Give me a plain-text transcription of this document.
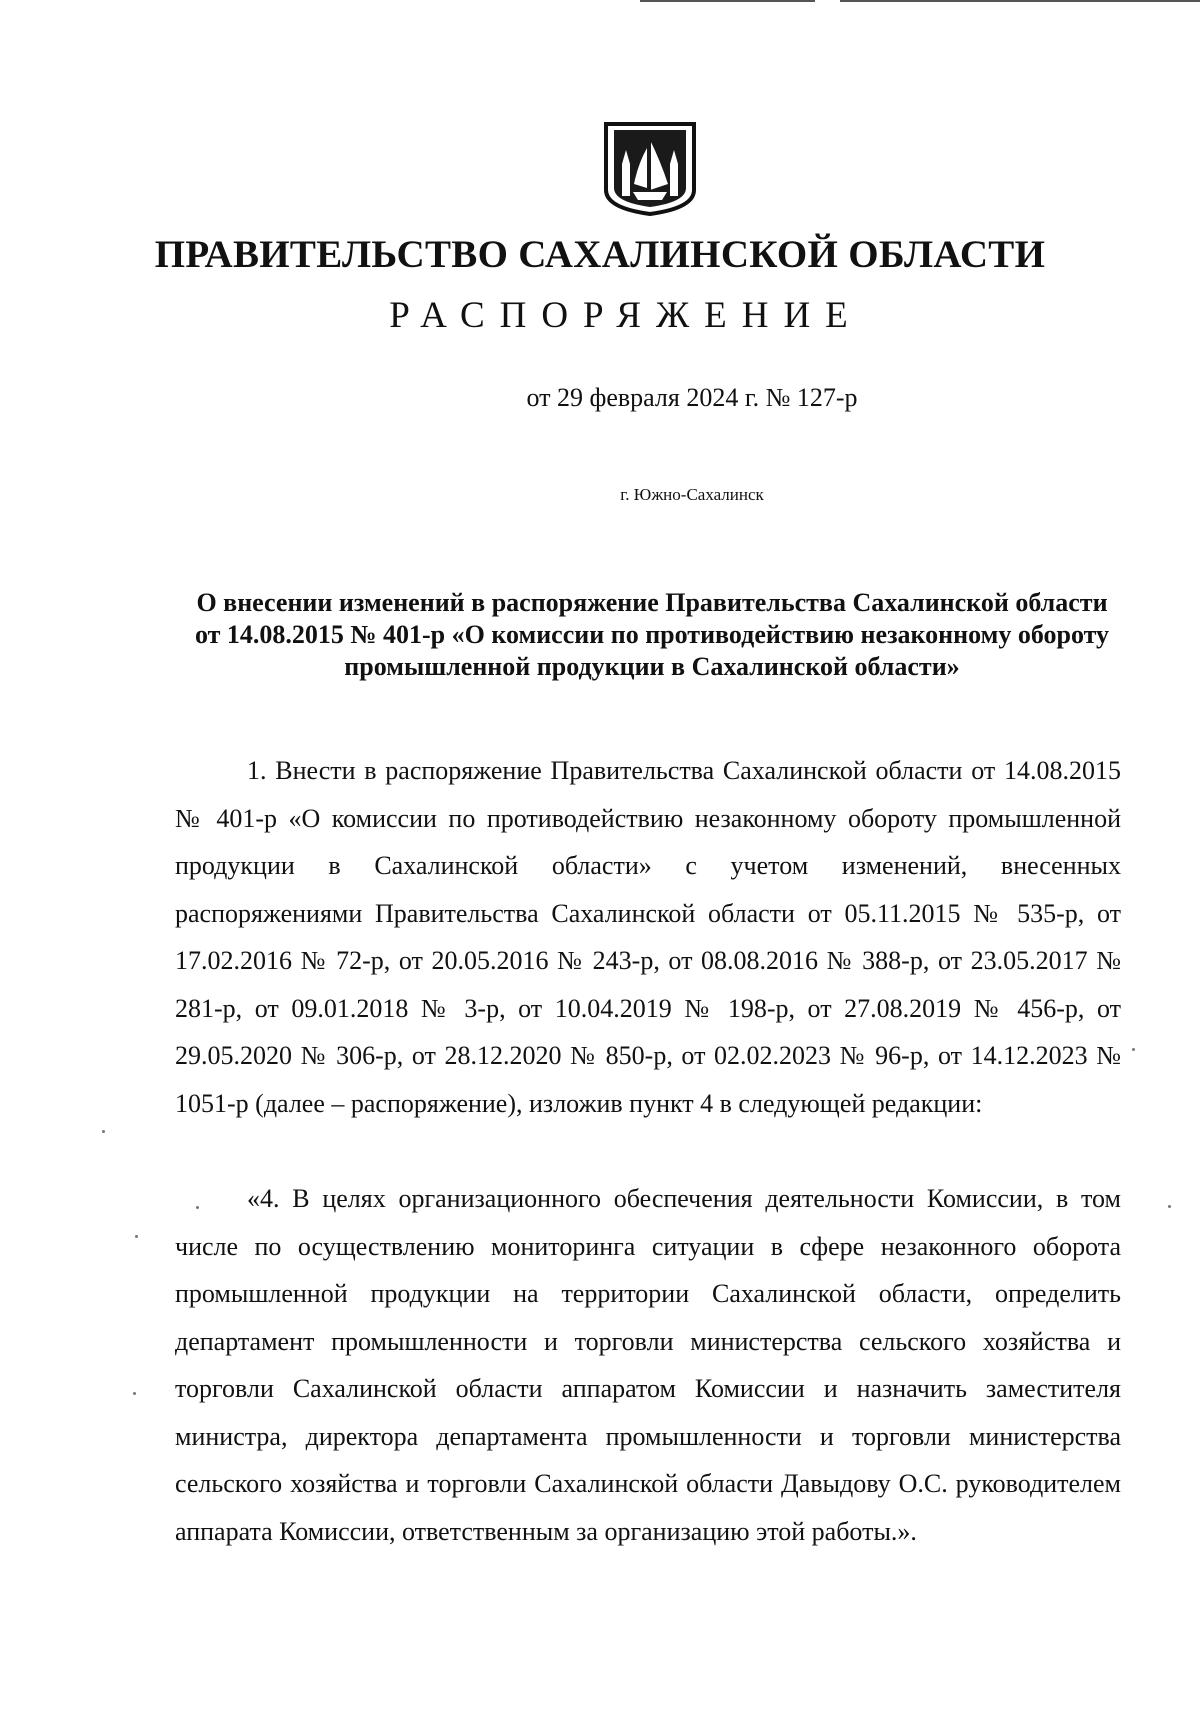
ПРАВИТЕЛЬСТВО САХАЛИНСКОЙ ОБЛАСТИ
РАСПОРЯЖЕНИЕ
от 29 февраля 2024 г. № 127-р
г. Южно-Сахалинск
О внесении изменений в распоряжение Правительства Сахалинской области от 14.08.2015 № 401-р «О комиссии по противодействию незаконному обороту промышленной продукции в Сахалинской области»
1. Внести в распоряжение Правительства Сахалинской области от 14.08.2015 № 401-р «О комиссии по противодействию незаконному обороту промышленной продукции в Сахалинской области» с учетом изменений, внесенных распоряжениями Правительства Сахалинской области от 05.11.2015 № 535-р, от 17.02.2016 № 72-р, от 20.05.2016 № 243-р, от 08.08.2016 № 388-р, от 23.05.2017 № 281-р, от 09.01.2018 № 3-р, от 10.04.2019 № 198-р, от 27.08.2019 № 456-р, от 29.05.2020 № 306-р, от 28.12.2020 № 850-р, от 02.02.2023 № 96-р, от 14.12.2023 № 1051-р (далее – распоряжение), изложив пункт 4 в следующей редакции:
«4. В целях организационного обеспечения деятельности Комиссии, в том числе по осуществлению мониторинга ситуации в сфере незаконного оборота промышленной продукции на территории Сахалинской области, определить департамент промышленности и торговли министерства сельского хозяйства и торговли Сахалинской области аппаратом Комиссии и назначить заместителя министра, директора департамента промышленности и торговли министерства сельского хозяйства и торговли Сахалинской области Давыдову О.С. руководителем аппарата Комиссии, ответственным за организацию этой работы.».
